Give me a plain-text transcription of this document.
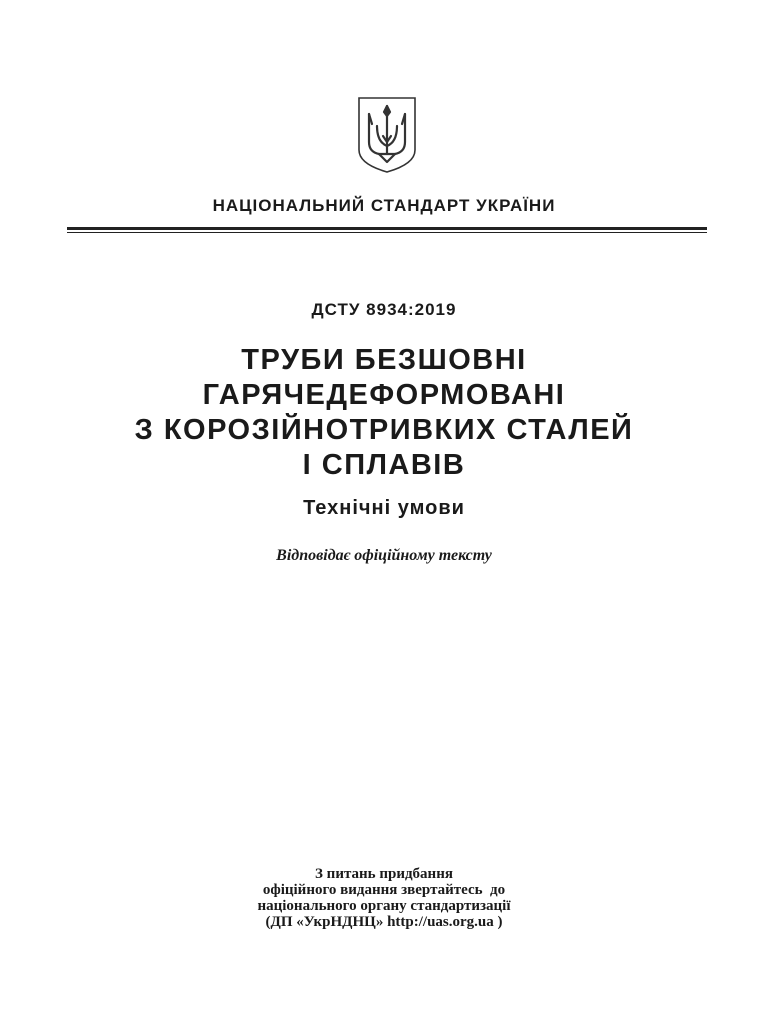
НАЦІОНАЛЬНИЙ СТАНДАРТ УКРАЇНИ
ДСТУ 8934:2019
ТРУБИ БЕЗШОВНІ
ГАРЯЧЕДЕФОРМОВАНІ
З КОРОЗІЙНОТРИВКИХ СТАЛЕЙ
І СПЛАВІВ
Технічні умови
Відповідає офіційному тексту
З питань придбання
офіційного видання звертайтесь  до
національного органу стандартизації
(ДП «УкрНДНЦ» http://uas.org.ua )
